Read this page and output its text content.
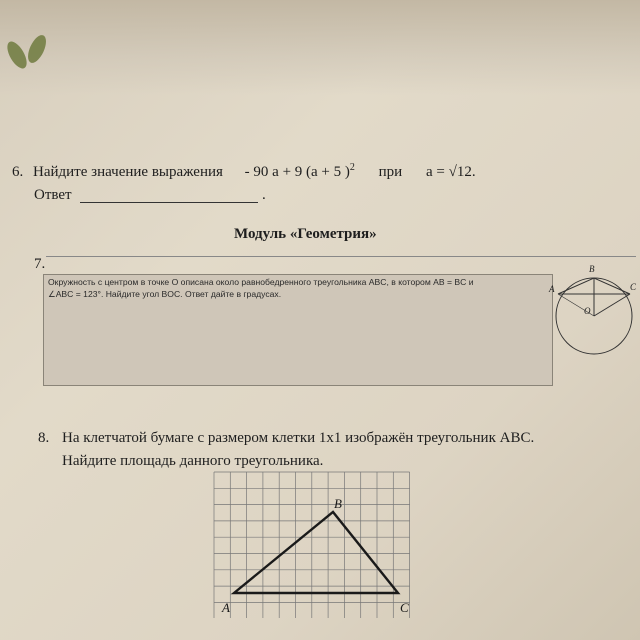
6. Найдите значение выражения - 90 a + 9 (a + 5 )$^2$ при a = √12.
Ответ	.
Модуль «Геометрия»
7.
Окружность с центром в точке O описана около равнобедренного треугольника ABC, в котором AB = BC и
∠ABC = 123°. Найдите угол BOC. Ответ дайте в градусах.
B
A	C
O
8. На клетчатой бумаге с размером клетки 1x1 изображён треугольник ABC.
Найдите площадь данного треугольника.
A
B
C
